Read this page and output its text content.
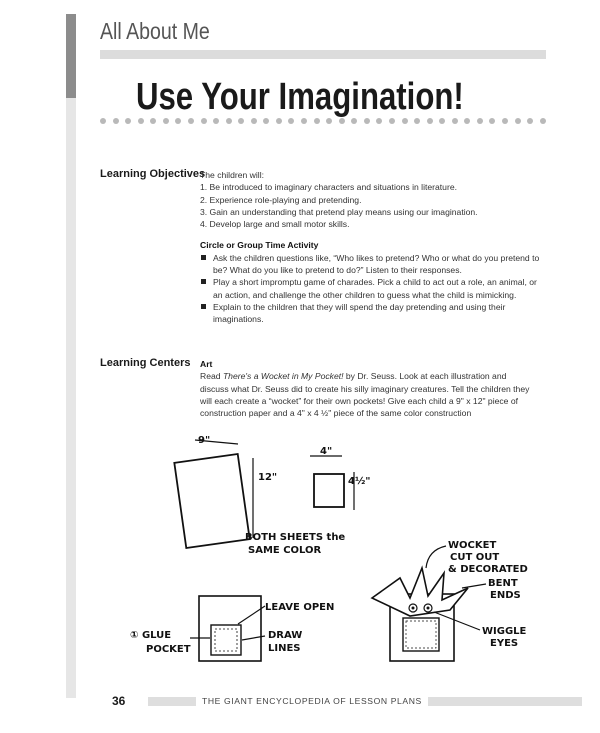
All About Me
Use Your Imagination!
Learning Objectives
The children will:
1. Be introduced to imaginary characters and situations in literature.
2. Experience role-playing and pretending.
3. Gain an understanding that pretend play means using our imagination.
4. Develop large and small motor skills.
Circle or Group Time Activity
Ask the children questions like, “Who likes to pretend? Who or what do you pretend to be? What do you like to pretend to do?” Listen to their responses.
Play a short impromptu game of charades. Pick a child to act out a role, an animal, or an action, and challenge the other children to guess what the child is mimicking.
Explain to the children that they will spend the day pretending and using their imaginations.
Learning Centers Art
Read There's a Wocket in My Pocket! by Dr. Seuss. Look at each illustration and discuss what Dr. Seuss did to create his silly imaginary creatures. Tell the children they will each create a “wocket” for their own pockets! Give each child a 9" x 12" piece of construction paper and a 4" x 4 ½" piece of the same color construction
9"
12"
4"
4½"
BOTH SHEETS the
SAME COLOR
LEAVE OPEN
① GLUE
POCKET
DRAW
LINES
WOCKET
CUT OUT
& DECORATED
BENT
ENDS
WIGGLE
EYES
36	THE GIANT ENCYCLOPEDIA OF LESSON PLANS
